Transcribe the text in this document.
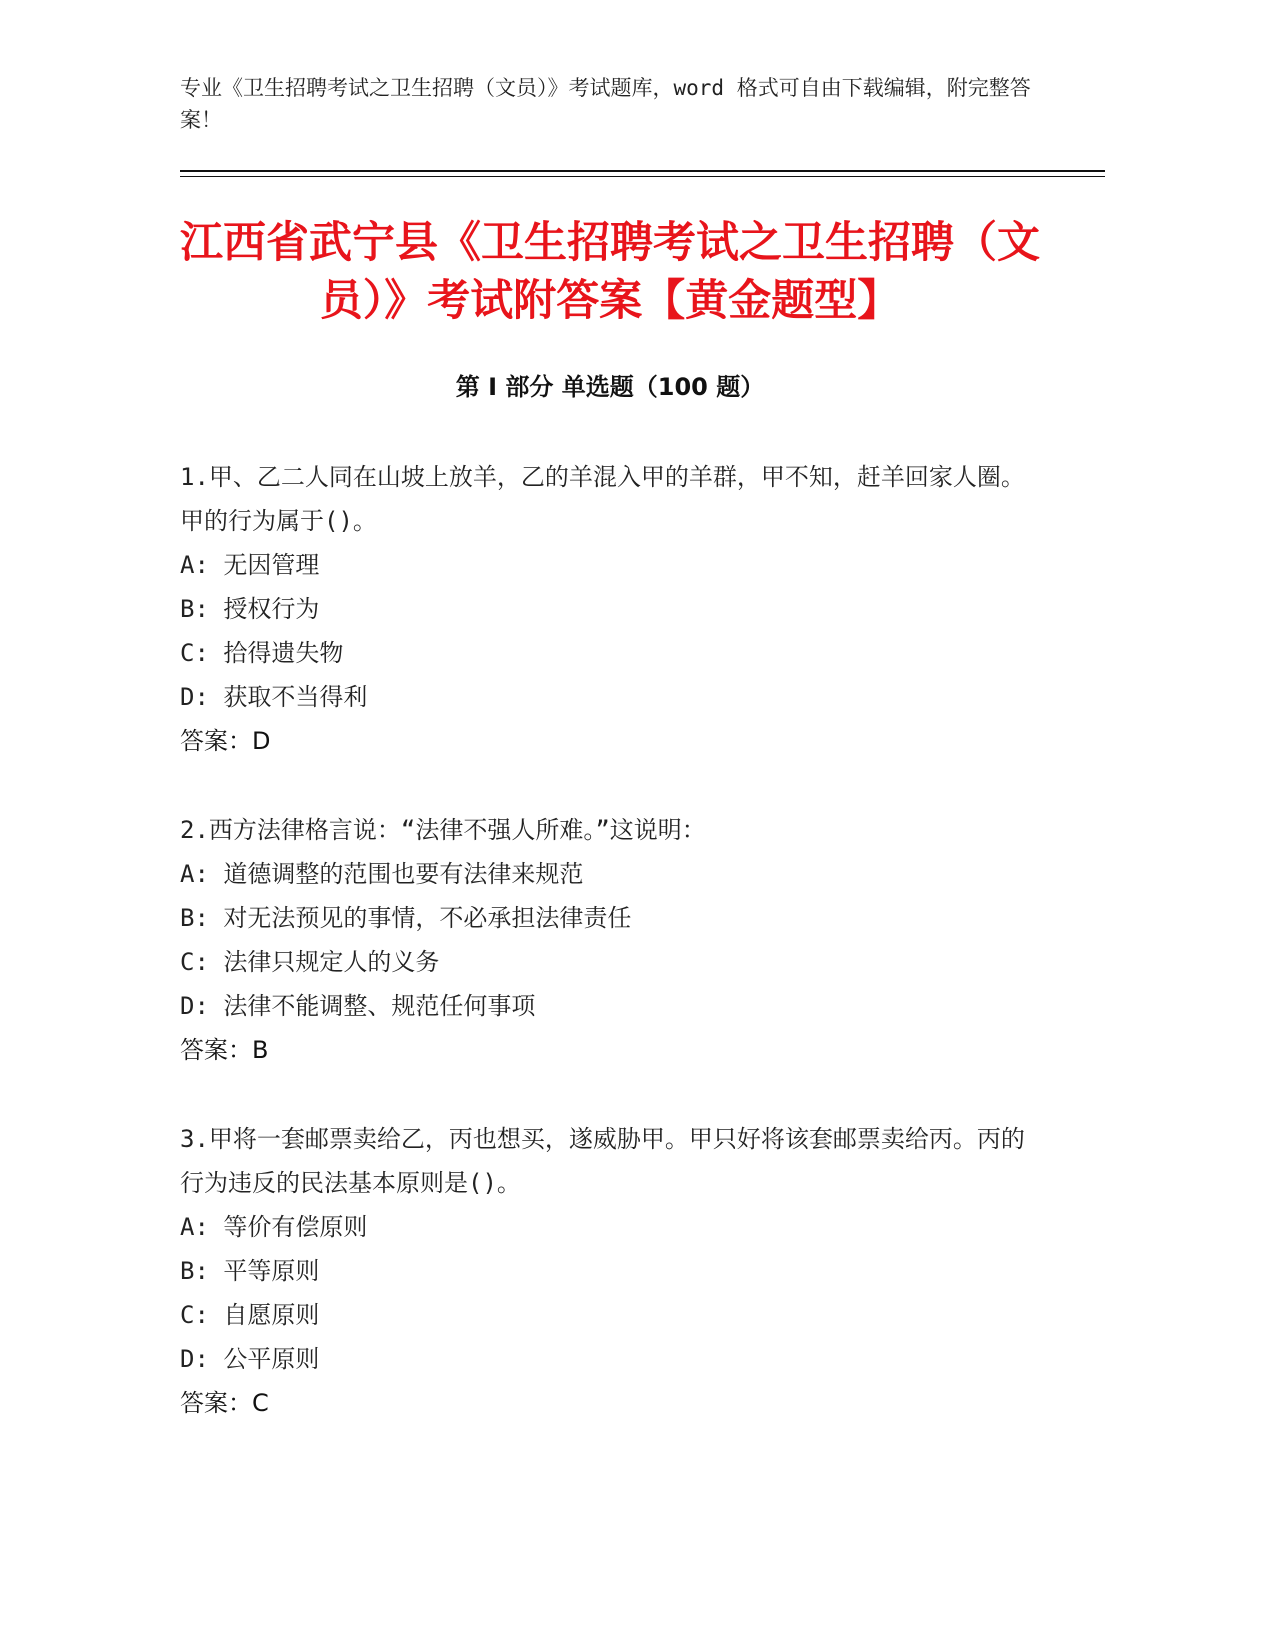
专业《卫生招聘考试之卫生招聘（文员）》考试题库，word 格式可自由下载编辑，附完整答案！
江西省武宁县《卫生招聘考试之卫生招聘（文员）》考试附答案【黄金题型】
第 I 部分 单选题（100 题）

1.甲、乙二人同在山坡上放羊，乙的羊混入甲的羊群，甲不知，赶羊回家人圈。甲的行为属于()。

A: 无因管理

B: 授权行为

C: 拾得遗失物

D: 获取不当得利

答案：D

2.西方法律格言说：“法律不强人所难。”这说明：

A: 道德调整的范围也要有法律来规范

B: 对无法预见的事情，不必承担法律责任

C: 法律只规定人的义务

D: 法律不能调整、规范任何事项

答案：B

3.甲将一套邮票卖给乙，丙也想买，遂威胁甲。甲只好将该套邮票卖给丙。丙的行为违反的民法基本原则是()。

A: 等价有偿原则

B: 平等原则

C: 自愿原则

D: 公平原则

答案：C
